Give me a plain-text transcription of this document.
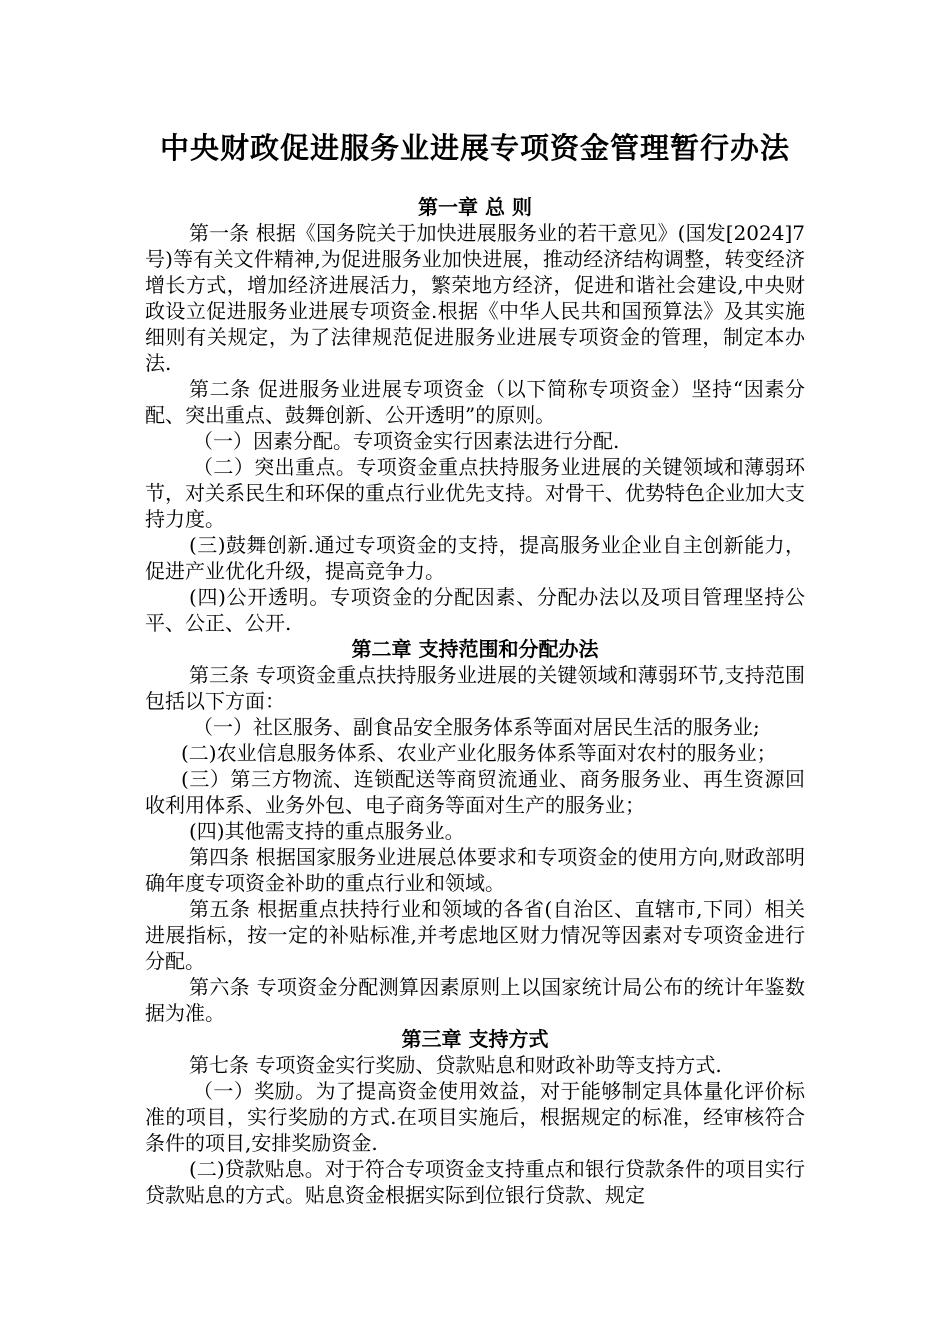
中央财政促进服务业进展专项资金管理暂行办法

第一章 总 则

第一条 根据《国务院关于加快进展服务业的若干意见》(国发[2024]7号)等有关文件精神,为促进服务业加快进展，推动经济结构调整，转变经济增长方式，增加经济进展活力，繁荣地方经济，促进和谐社会建设,中央财政设立促进服务业进展专项资金.根据《中华人民共和国预算法》及其实施细则有关规定，为了法律规范促进服务业进展专项资金的管理，制定本办法.

第二条 促进服务业进展专项资金（以下简称专项资金）坚持“因素分配、突出重点、鼓舞创新、公开透明”的原则。

（一）因素分配。专项资金实行因素法进行分配.

（二）突出重点。专项资金重点扶持服务业进展的关键领域和薄弱环节，对关系民生和环保的重点行业优先支持。对骨干、优势特色企业加大支持力度。

(三)鼓舞创新.通过专项资金的支持，提高服务业企业自主创新能力，促进产业优化升级，提高竞争力。

(四)公开透明。专项资金的分配因素、分配办法以及项目管理坚持公平、公正、公开.

第二章 支持范围和分配办法

第三条 专项资金重点扶持服务业进展的关键领域和薄弱环节,支持范围包括以下方面：

（一）社区服务、副食品安全服务体系等面对居民生活的服务业;

(二)农业信息服务体系、农业产业化服务体系等面对农村的服务业；

(三）第三方物流、连锁配送等商贸流通业、商务服务业、再生资源回收利用体系、业务外包、电子商务等面对生产的服务业；

(四)其他需支持的重点服务业。

第四条 根据国家服务业进展总体要求和专项资金的使用方向,财政部明确年度专项资金补助的重点行业和领域。

第五条 根据重点扶持行业和领域的各省(自治区、直辖市,下同）相关进展指标，按一定的补贴标准,并考虑地区财力情况等因素对专项资金进行分配。

第六条 专项资金分配测算因素原则上以国家统计局公布的统计年鉴数据为准。

第三章 支持方式

第七条 专项资金实行奖励、贷款贴息和财政补助等支持方式.

（一）奖励。为了提高资金使用效益，对于能够制定具体量化评价标准的项目，实行奖励的方式.在项目实施后，根据规定的标准，经审核符合条件的项目,安排奖励资金.

(二)贷款贴息。对于符合专项资金支持重点和银行贷款条件的项目实行贷款贴息的方式。贴息资金根据实际到位银行贷款、规定
